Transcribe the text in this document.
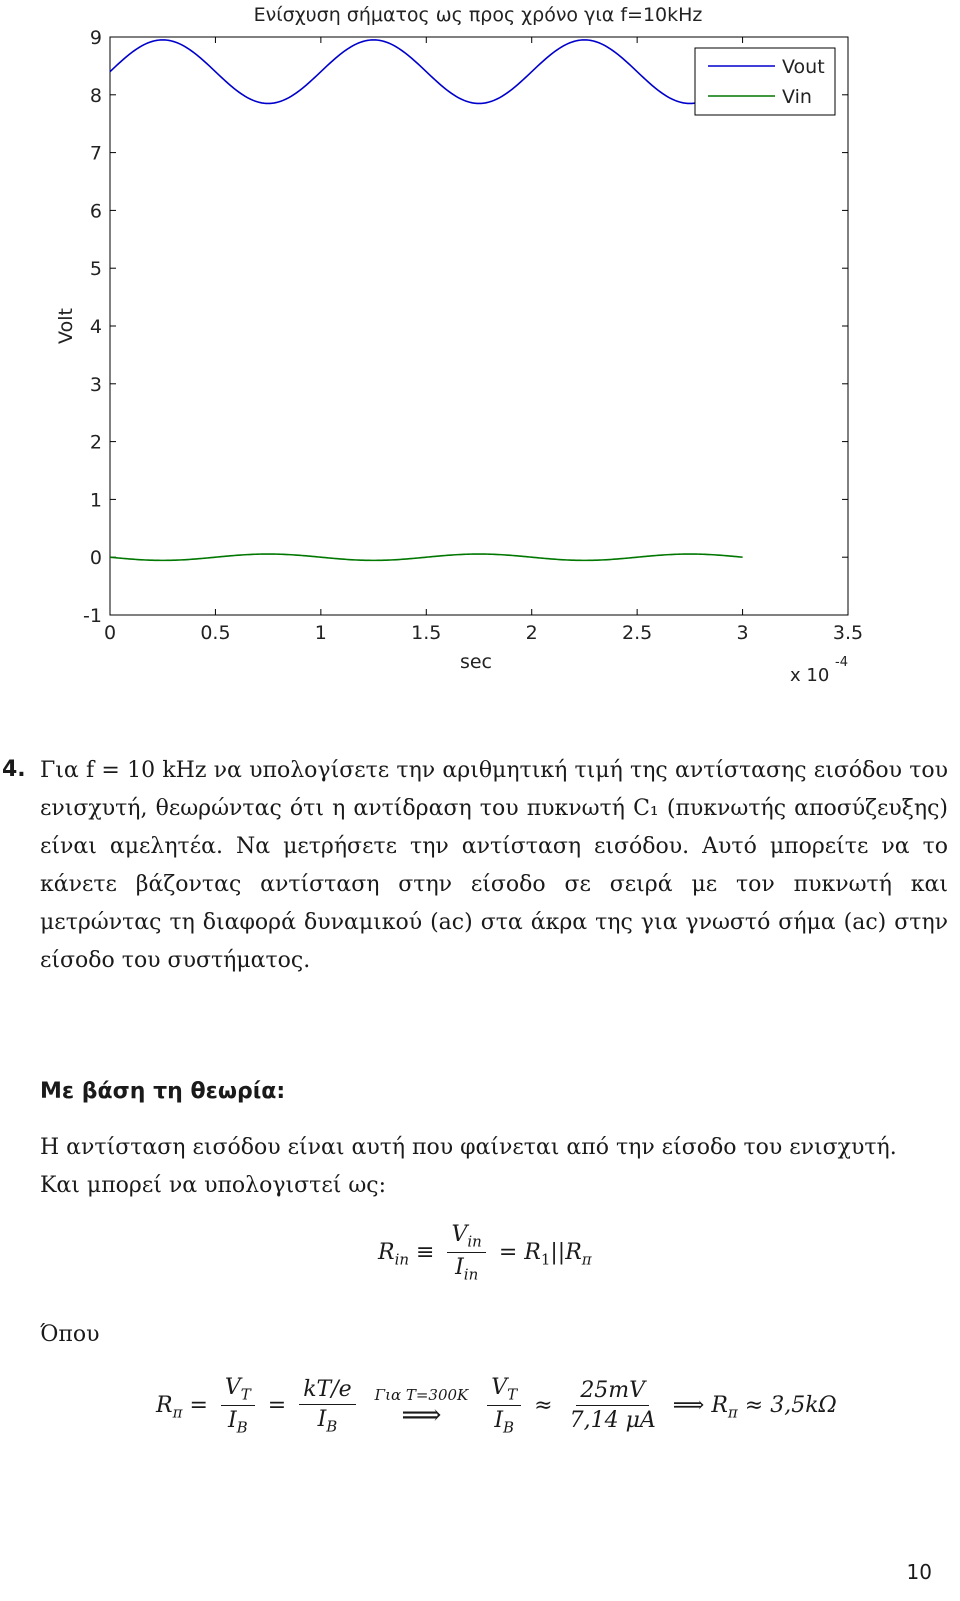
Ενίσχυση σήματος ως προς χρόνο για f=10kHz
0	0.5	1	1.5	2	2.5	3	3.5
-1
0
1
2
3
4
5
6
7
8
9
sec
Volt
x 10
-4
Vout
Vin
4. Για f = 10 kHz να υπολογίσετε την αριθμητική τιμή της αντίστασης εισόδου του ενισχυτή, θεωρώντας ότι η αντίδραση του πυκνωτή C₁ (πυκνωτής αποσύζευξης) είναι αμελητέα. Να μετρήσετε την αντίσταση εισόδου. Αυτό μπορείτε να το κάνετε βάζοντας αντίσταση στην είσοδο σε σειρά με τον πυκνωτή και μετρώντας τη διαφορά δυναμικού (ac) στα άκρα της για γνωστό σήμα (ac) στην είσοδο του συστήματος.
Με βάση τη θεωρία:
Η αντίσταση εισόδου είναι αυτή που φαίνεται από την είσοδο του ενισχυτή.
Και μπορεί να υπολογιστεί ως:
$R_{in} \equiv \frac{V_{in}}{I_{in}} = R_1||R_\pi$
Όπου
$R_\pi = \frac{V_T}{I_B} = \frac{kT/e}{I_B}$
Για T=300K
⟹
$\frac{V_T}{I_B} \approx \frac{25mV}{7,14 \mu A}$ ⟹ $R_\pi \approx 3,5k\Omega$
10
